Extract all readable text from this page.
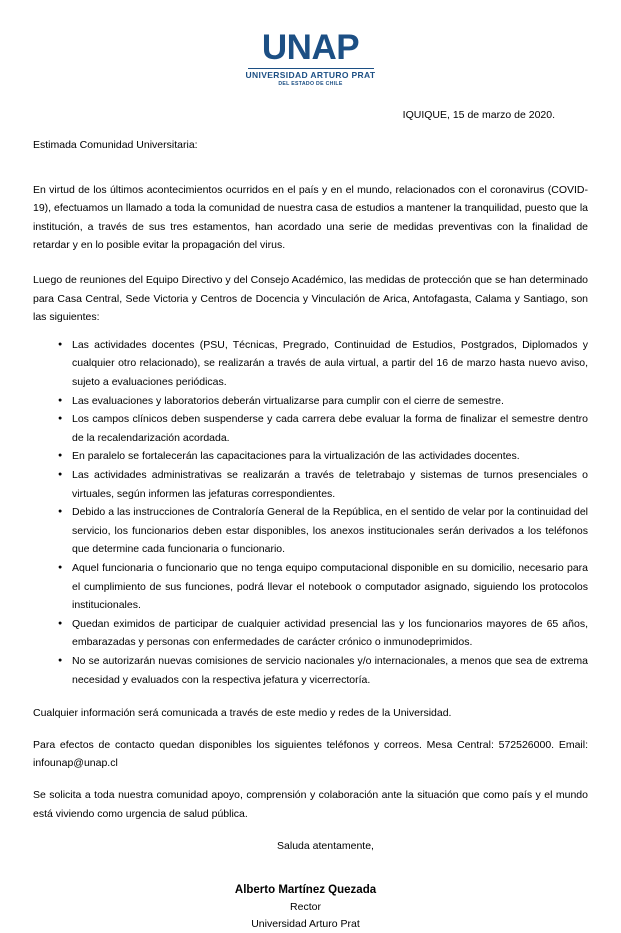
UNAP
UNIVERSIDAD ARTURO PRAT
DEL ESTADO DE CHILE
IQUIQUE, 15 de marzo de 2020.
Estimada Comunidad Universitaria:

En virtud de los últimos acontecimientos ocurridos en el país y en el mundo, relacionados con el coronavirus (COVID-19), efectuamos un llamado a toda la comunidad de nuestra casa de estudios a mantener la tranquilidad, puesto que la institución, a través de sus tres estamentos, han acordado una serie de medidas preventivas con la finalidad de retardar y en lo posible evitar la propagación del virus.

Luego de reuniones del Equipo Directivo y del Consejo Académico, las medidas de protección que se han determinado para Casa Central, Sede Victoria y Centros de Docencia y Vinculación de Arica, Antofagasta, Calama y Santiago, son las siguientes:

● Las actividades docentes (PSU, Técnicas, Pregrado, Continuidad de Estudios, Postgrados, Diplomados y cualquier otro relacionado), se realizarán a través de aula virtual, a partir del 16 de marzo hasta nuevo aviso, sujeto a evaluaciones periódicas.
● Las evaluaciones y laboratorios deberán virtualizarse para cumplir con el cierre de semestre.
● Los campos clínicos deben suspenderse y cada carrera debe evaluar la forma de finalizar el semestre dentro de la recalendarización acordada.
● En paralelo se fortalecerán las capacitaciones para la virtualización de las actividades docentes.
● Las actividades administrativas se realizarán a través de teletrabajo y sistemas de turnos presenciales o virtuales, según informen las jefaturas correspondientes.
● Debido a las instrucciones de Contraloría General de la República, en el sentido de velar por la continuidad del servicio, los funcionarios deben estar disponibles, los anexos institucionales serán derivados a los teléfonos que determine cada funcionaria o funcionario.
● Aquel funcionaria o funcionario que no tenga equipo computacional disponible en su domicilio, necesario para el cumplimiento de sus funciones, podrá llevar el notebook o computador asignado, siguiendo los protocolos institucionales.
● Quedan eximidos de participar de cualquier actividad presencial las y los funcionarios mayores de 65 años, embarazadas y personas con enfermedades de carácter crónico o inmunodeprimidos.
● No se autorizarán nuevas comisiones de servicio nacionales y/o internacionales, a menos que sea de extrema necesidad y evaluados con la respectiva jefatura y vicerrectoría.

Cualquier información será comunicada a través de este medio y redes de la Universidad.

Para efectos de contacto quedan disponibles los siguientes teléfonos y correos. Mesa Central: 572526000. Email: infounap@unap.cl

Se solicita a toda nuestra comunidad apoyo, comprensión y colaboración ante la situación que como país y el mundo está viviendo como urgencia de salud pública.

Saluda atentamente,
Alberto Martínez Quezada
Rector
Universidad Arturo Prat
